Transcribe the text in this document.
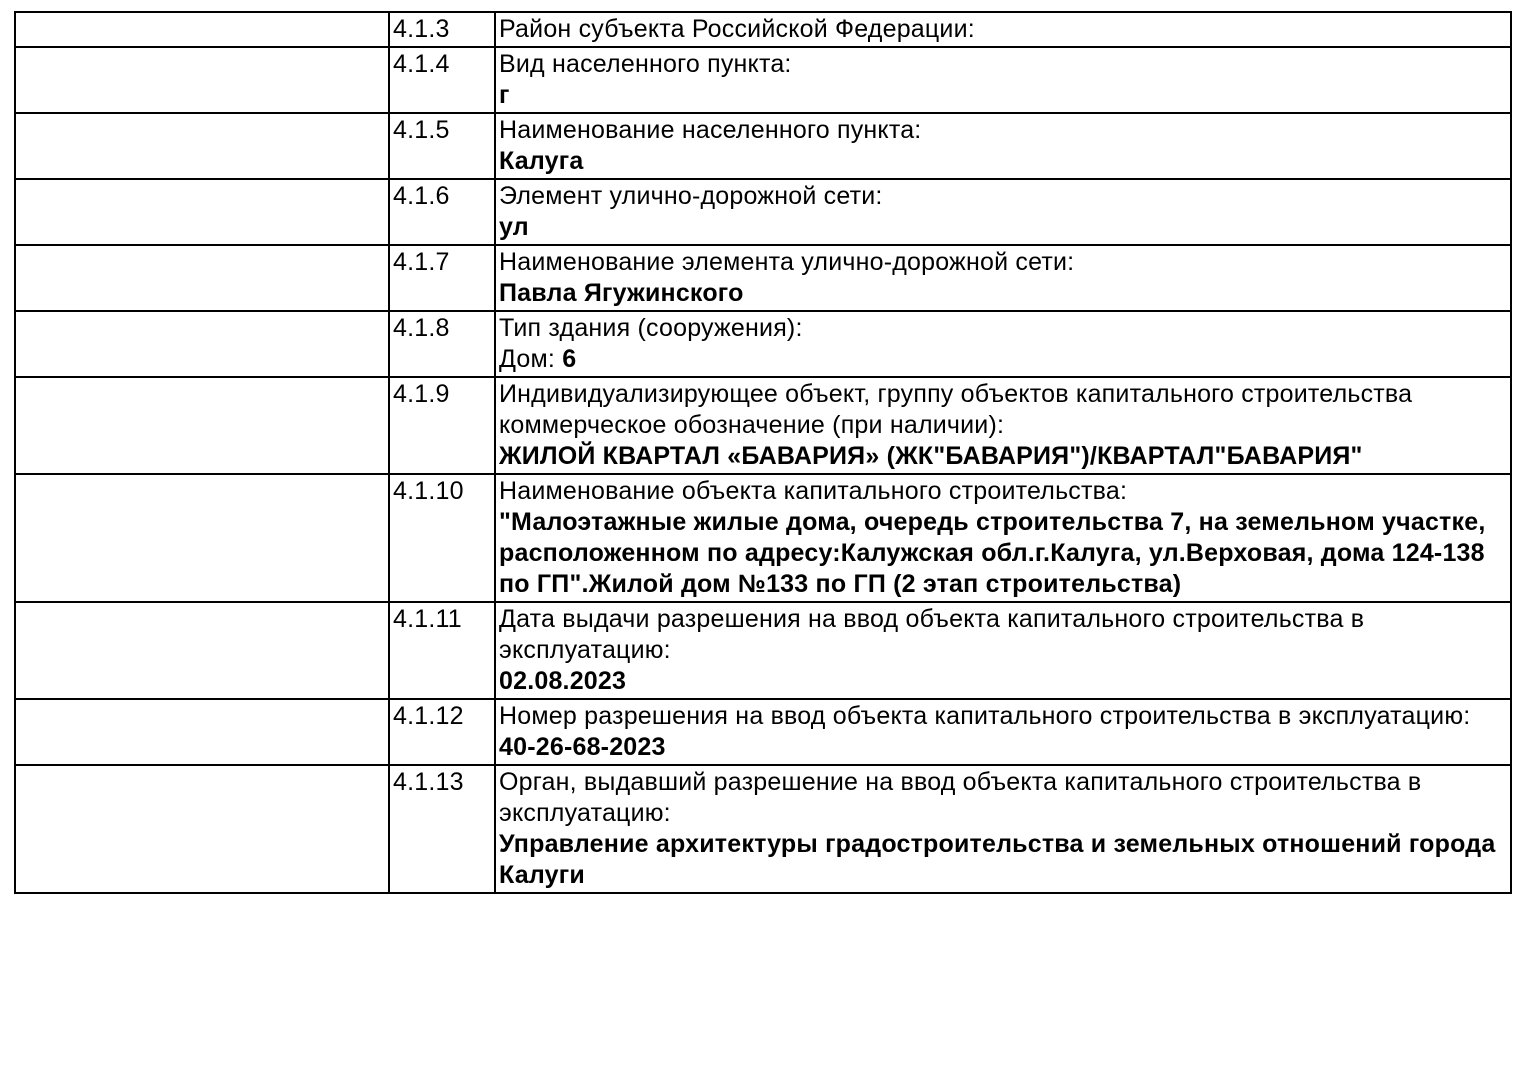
	4.1.3	Район субъекта Российской Федерации:

	4.1.4	Вид населенного пункта:
г

	4.1.5	Наименование населенного пункта:
Калуга

	4.1.6	Элемент улично-дорожной сети:
ул

	4.1.7	Наименование элемента улично-дорожной сети:
Павла Ягужинского

	4.1.8	Тип здания (сооружения):
Дом: 6

	4.1.9	Индивидуализирующее объект, группу объектов капитального строительства коммерческое обозначение (при наличии):
ЖИЛОЙ КВАРТАЛ «БАВАРИЯ» (ЖК"БАВАРИЯ")/КВАРТАЛ"БАВАРИЯ"

	4.1.10	Наименование объекта капитального строительства:
"Малоэтажные жилые дома, очередь строительства 7, на земельном участке, расположенном по адресу:Калужская обл.г.Калуга, ул.Верховая, дома 124-138 по ГП".Жилой дом №133 по ГП (2 этап строительства)

	4.1.11	Дата выдачи разрешения на ввод объекта капитального строительства в эксплуатацию:
02.08.2023

	4.1.12	Номер разрешения на ввод объекта капитального строительства в эксплуатацию:
40-26-68-2023

	4.1.13	Орган, выдавший разрешение на ввод объекта капитального строительства в эксплуатацию:
Управление архитектуры градостроительства и земельных отношений города Калуги
